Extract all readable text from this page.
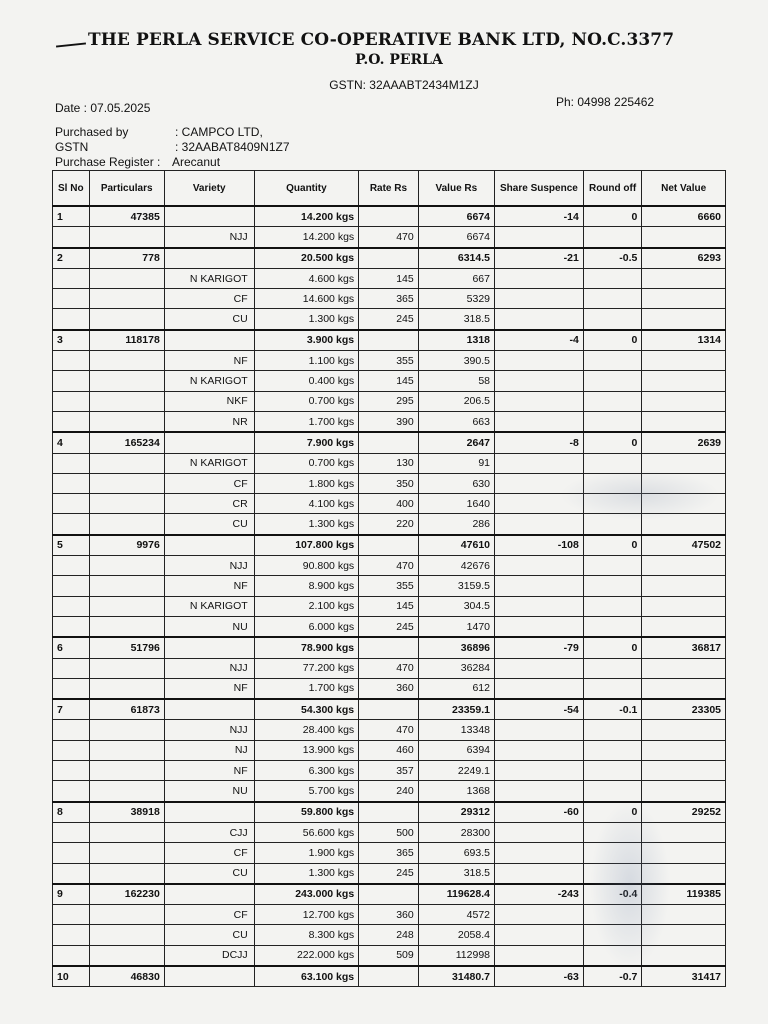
THE PERLA SERVICE CO-OPERATIVE BANK LTD, NO.C.3377
P.O. PERLA
GSTN: 32AAABT2434M1ZJ
Date : 07.05.2025	Ph: 04998 225462
Purchased by	: CAMPCO LTD,
GSTN	: 32AABAT8409N1Z7
Purchase Register : Arecanut
Sl No	Particulars	Variety	Quantity	Rate Rs	Value Rs	Share Suspence	Round off	Net Value
1	47385		14.200 kgs		6674	-14	0	6660
		NJJ	14.200 kgs	470	6674			
2	778		20.500 kgs		6314.5	-21	-0.5	6293
		N KARIGOT	4.600 kgs	145	667			
		CF	14.600 kgs	365	5329			
		CU	1.300 kgs	245	318.5			
3	118178		3.900 kgs		1318	-4	0	1314
		NF	1.100 kgs	355	390.5			
		N KARIGOT	0.400 kgs	145	58			
		NKF	0.700 kgs	295	206.5			
		NR	1.700 kgs	390	663			
4	165234		7.900 kgs		2647	-8	0	2639
		N KARIGOT	0.700 kgs	130	91			
		CF	1.800 kgs	350	630			
		CR	4.100 kgs	400	1640			
		CU	1.300 kgs	220	286			
5	9976		107.800 kgs		47610	-108	0	47502
		NJJ	90.800 kgs	470	42676			
		NF	8.900 kgs	355	3159.5			
		N KARIGOT	2.100 kgs	145	304.5			
		NU	6.000 kgs	245	1470			
6	51796		78.900 kgs		36896	-79	0	36817
		NJJ	77.200 kgs	470	36284			
		NF	1.700 kgs	360	612			
7	61873		54.300 kgs		23359.1	-54	-0.1	23305
		NJJ	28.400 kgs	470	13348			
		NJ	13.900 kgs	460	6394			
		NF	6.300 kgs	357	2249.1			
		NU	5.700 kgs	240	1368			
8	38918		59.800 kgs		29312	-60	0	29252
		CJJ	56.600 kgs	500	28300			
		CF	1.900 kgs	365	693.5			
		CU	1.300 kgs	245	318.5			
9	162230		243.000 kgs		119628.4	-243	-0.4	119385
		CF	12.700 kgs	360	4572			
		CU	8.300 kgs	248	2058.4			
		DCJJ	222.000 kgs	509	112998			
10	46830		63.100 kgs		31480.7	-63	-0.7	31417
